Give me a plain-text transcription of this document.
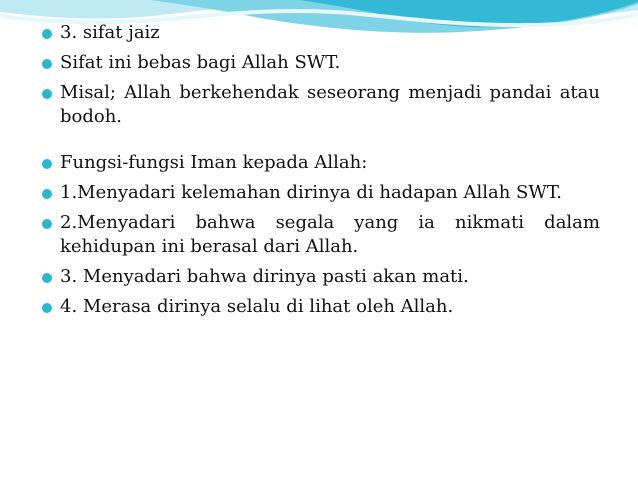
3. sifat jaiz
Sifat ini bebas bagi Allah SWT.
Misal; Allah berkehendak seseorang menjadi pandai atau bodoh.
Fungsi-fungsi Iman kepada Allah:
1.Menyadari kelemahan dirinya di hadapan Allah SWT.
2.Menyadari bahwa segala yang ia nikmati dalam kehidupan ini berasal dari Allah.
3. Menyadari bahwa dirinya pasti akan mati.
4. Merasa dirinya selalu di lihat oleh Allah.
